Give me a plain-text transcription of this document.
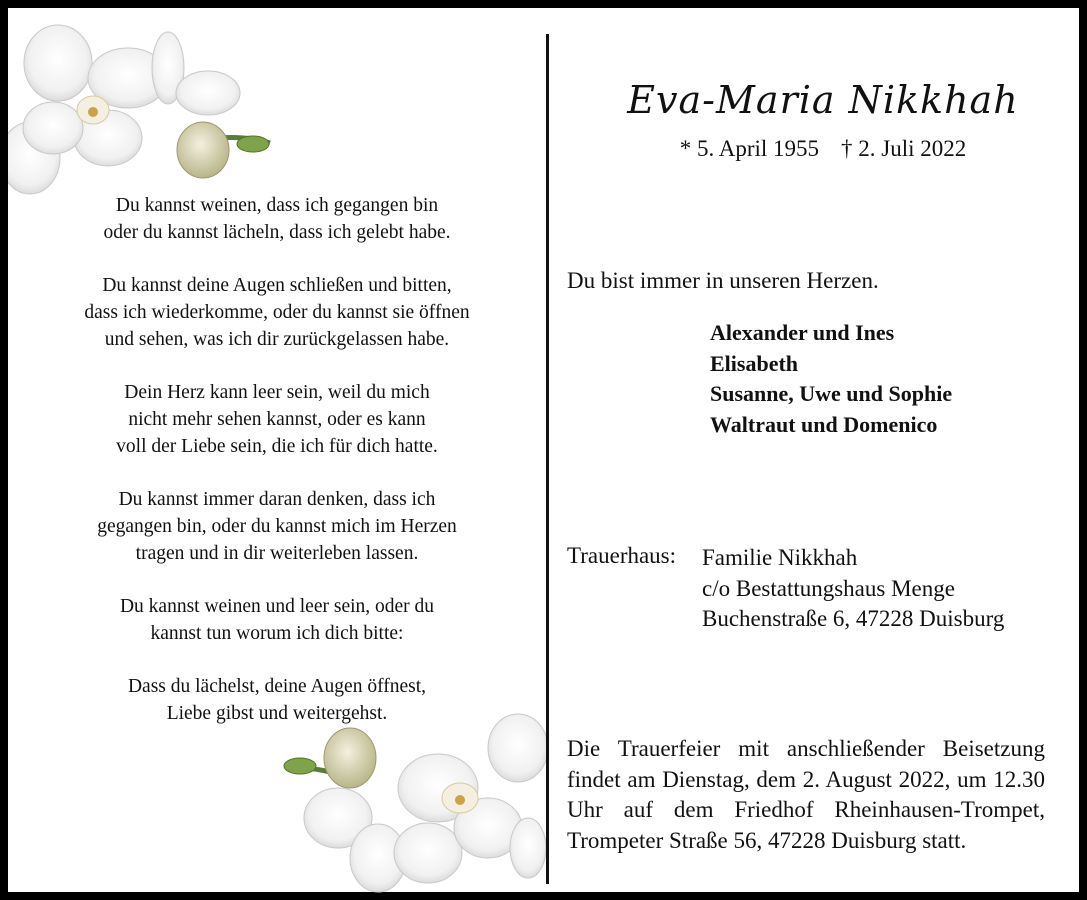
Du kannst weinen, dass ich gegangen bin
oder du kannst lächeln, dass ich gelebt habe.
Du kannst deine Augen schließen und bitten,
dass ich wiederkomme, oder du kannst sie öffnen
und sehen, was ich dir zurückgelassen habe.
Dein Herz kann leer sein, weil du mich
nicht mehr sehen kannst, oder es kann
voll der Liebe sein, die ich für dich hatte.
Du kannst immer daran denken, dass ich
gegangen bin, oder du kannst mich im Herzen
tragen und in dir weiterleben lassen.
Du kannst weinen und leer sein, oder du
kannst tun worum ich dich bitte:
Dass du lächelst, deine Augen öffnest,
Liebe gibst und weitergehst.
Eva-Maria Nikkhah
* 5. April 1955 † 2. Juli 2022
Du bist immer in unseren Herzen.
Alexander und Ines
Elisabeth
Susanne, Uwe und Sophie
Waltraut und Domenico
Trauerhaus: Familie Nikkhah
c/o Bestattungshaus Menge
Buchenstraße 6, 47228 Duisburg
Die Trauerfeier mit anschließender Beisetzung findet am Dienstag, dem 2. August 2022, um 12.30 Uhr auf dem Friedhof Rheinhausen-Trompet, Trompeter Straße 56, 47228 Duisburg statt.
